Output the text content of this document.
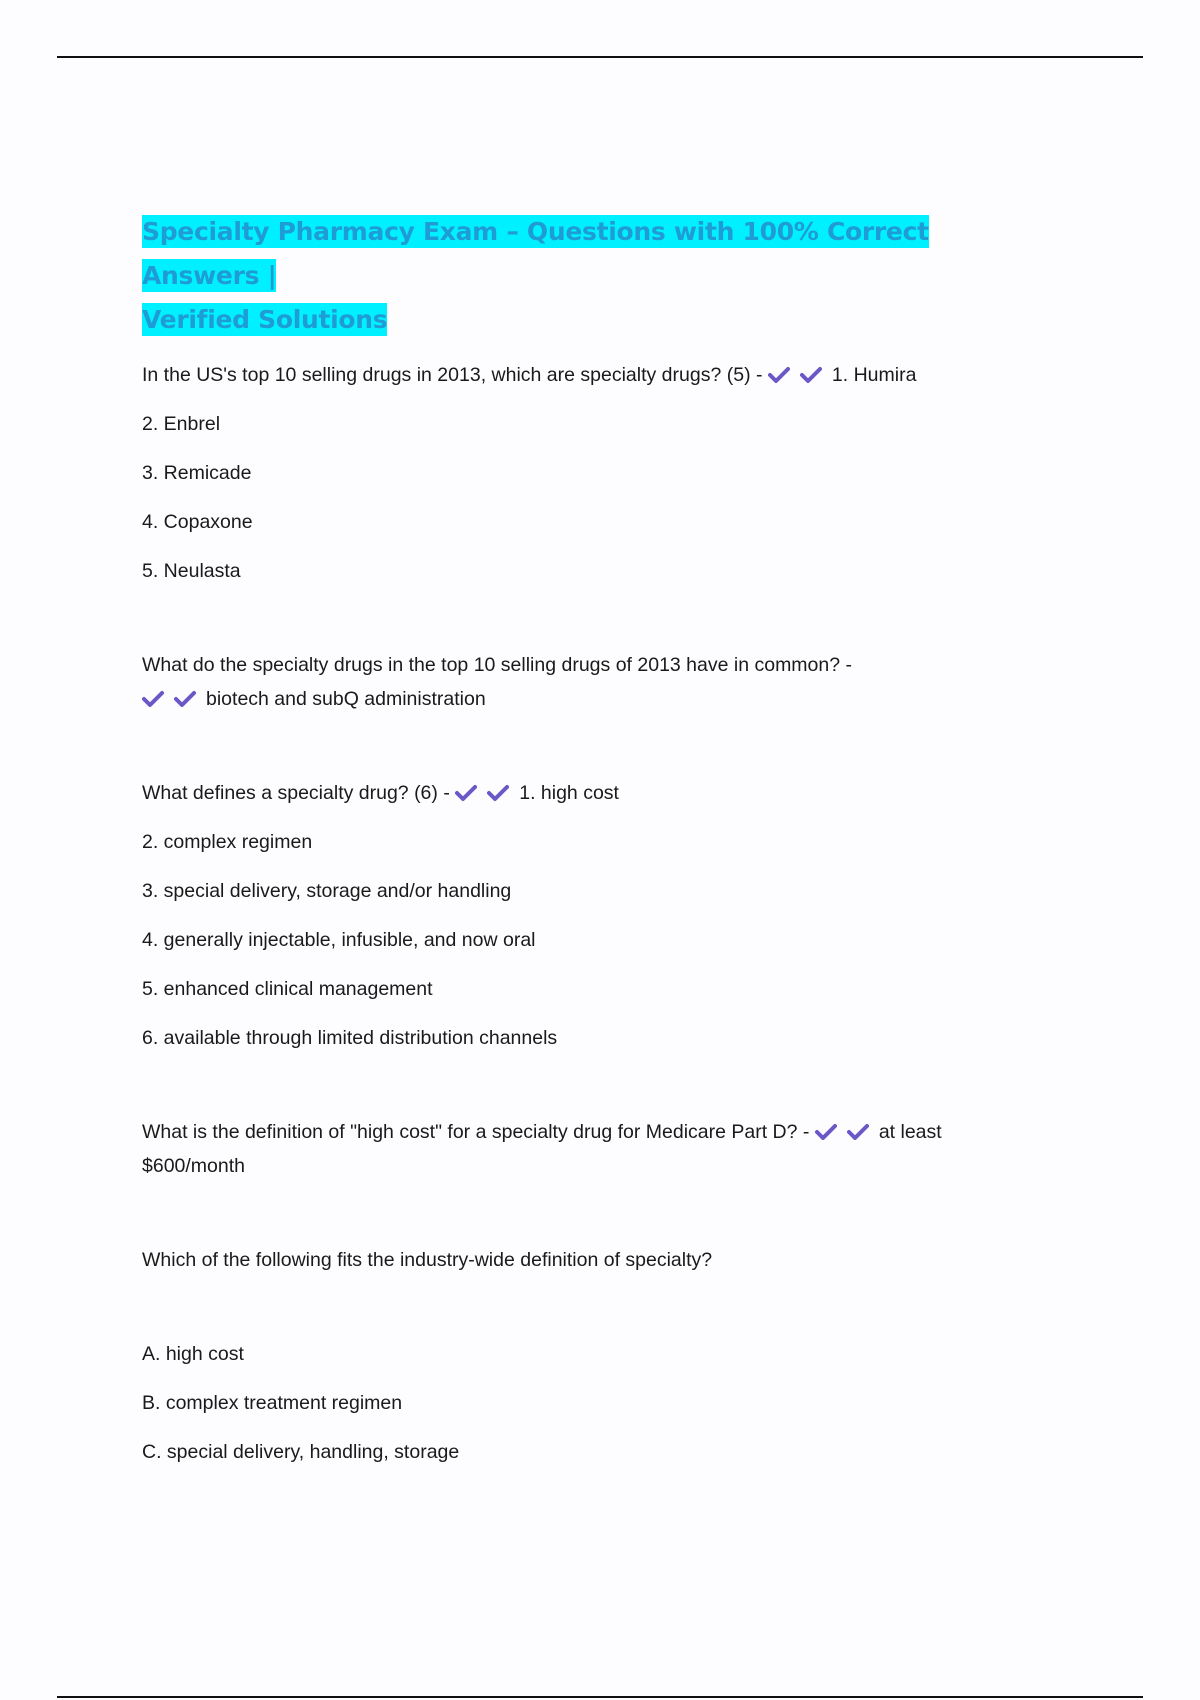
Specialty Pharmacy Exam – Questions with 100% Correct Answers |
Verified Solutions

In the US's top 10 selling drugs in 2013, which are specialty drugs? (5) -	1. Humira

2. Enbrel

3. Remicade

4. Copaxone

5. Neulasta

What do the specialty drugs in the top 10 selling drugs of 2013 have in common? -

biotech and subQ administration

What defines a specialty drug? (6) -	1. high cost

2. complex regimen

3. special delivery, storage and/or handling

4. generally injectable, infusible, and now oral

5. enhanced clinical management

6. available through limited distribution channels

What is the definition of "high cost" for a specialty drug for Medicare Part D? -	at least $600/month

Which of the following fits the industry-wide definition of specialty?

A. high cost

B. complex treatment regimen

C. special delivery, handling, storage
